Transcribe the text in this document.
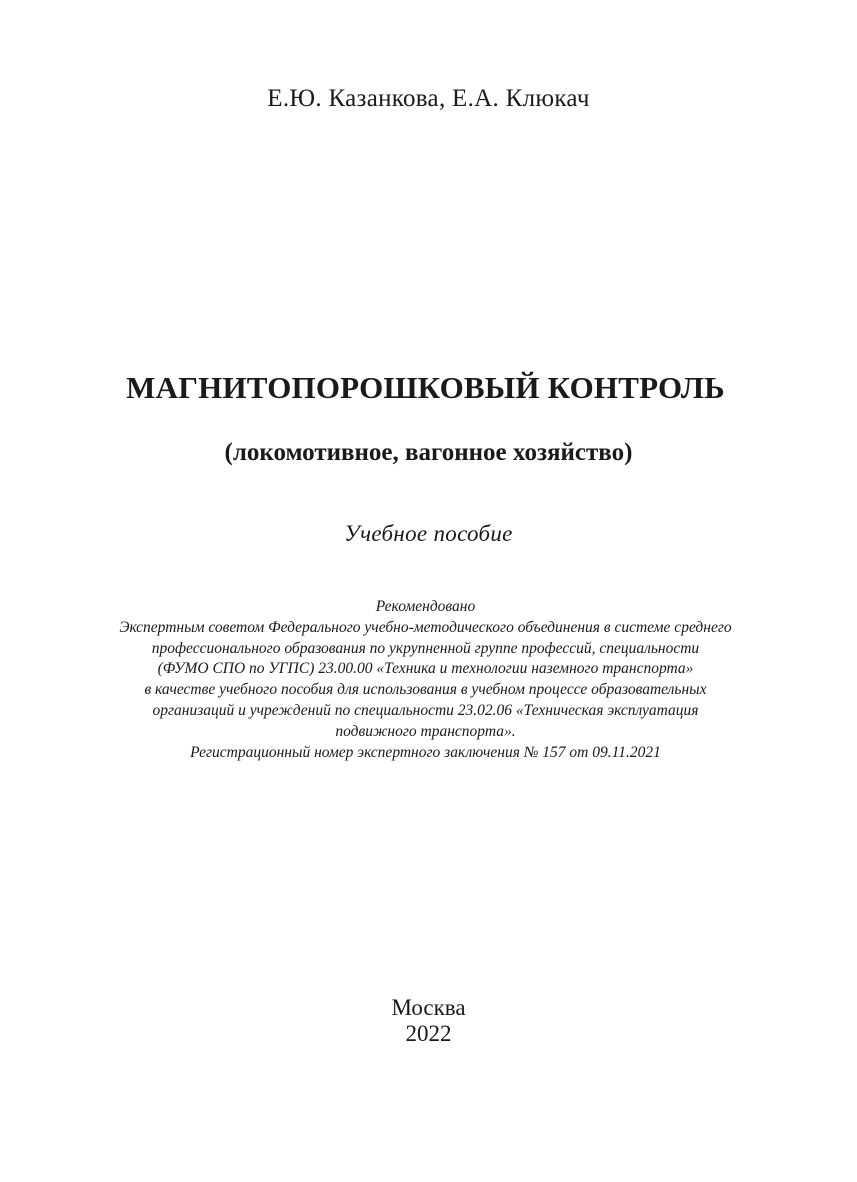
Е.Ю. Казанкова, Е.А. Клюкач

МАГНИТОПОРОШКОВЫЙ КОНТРОЛЬ

(локомотивное, вагонное хозяйство)

Учебное пособие

Рекомендовано
Экспертным советом Федерального учебно-методического объединения в системе среднего
профессионального образования по укрупненной группе профессий, специальности
(ФУМО СПО по УГПС) 23.00.00 «Техника и технологии наземного транспорта»
в качестве учебного пособия для использования в учебном процессе образовательных
организаций и учреждений по специальности 23.02.06 «Техническая эксплуатация
подвижного транспорта».
Регистрационный номер экспертного заключения № 157 от 09.11.2021

Москва

2022
